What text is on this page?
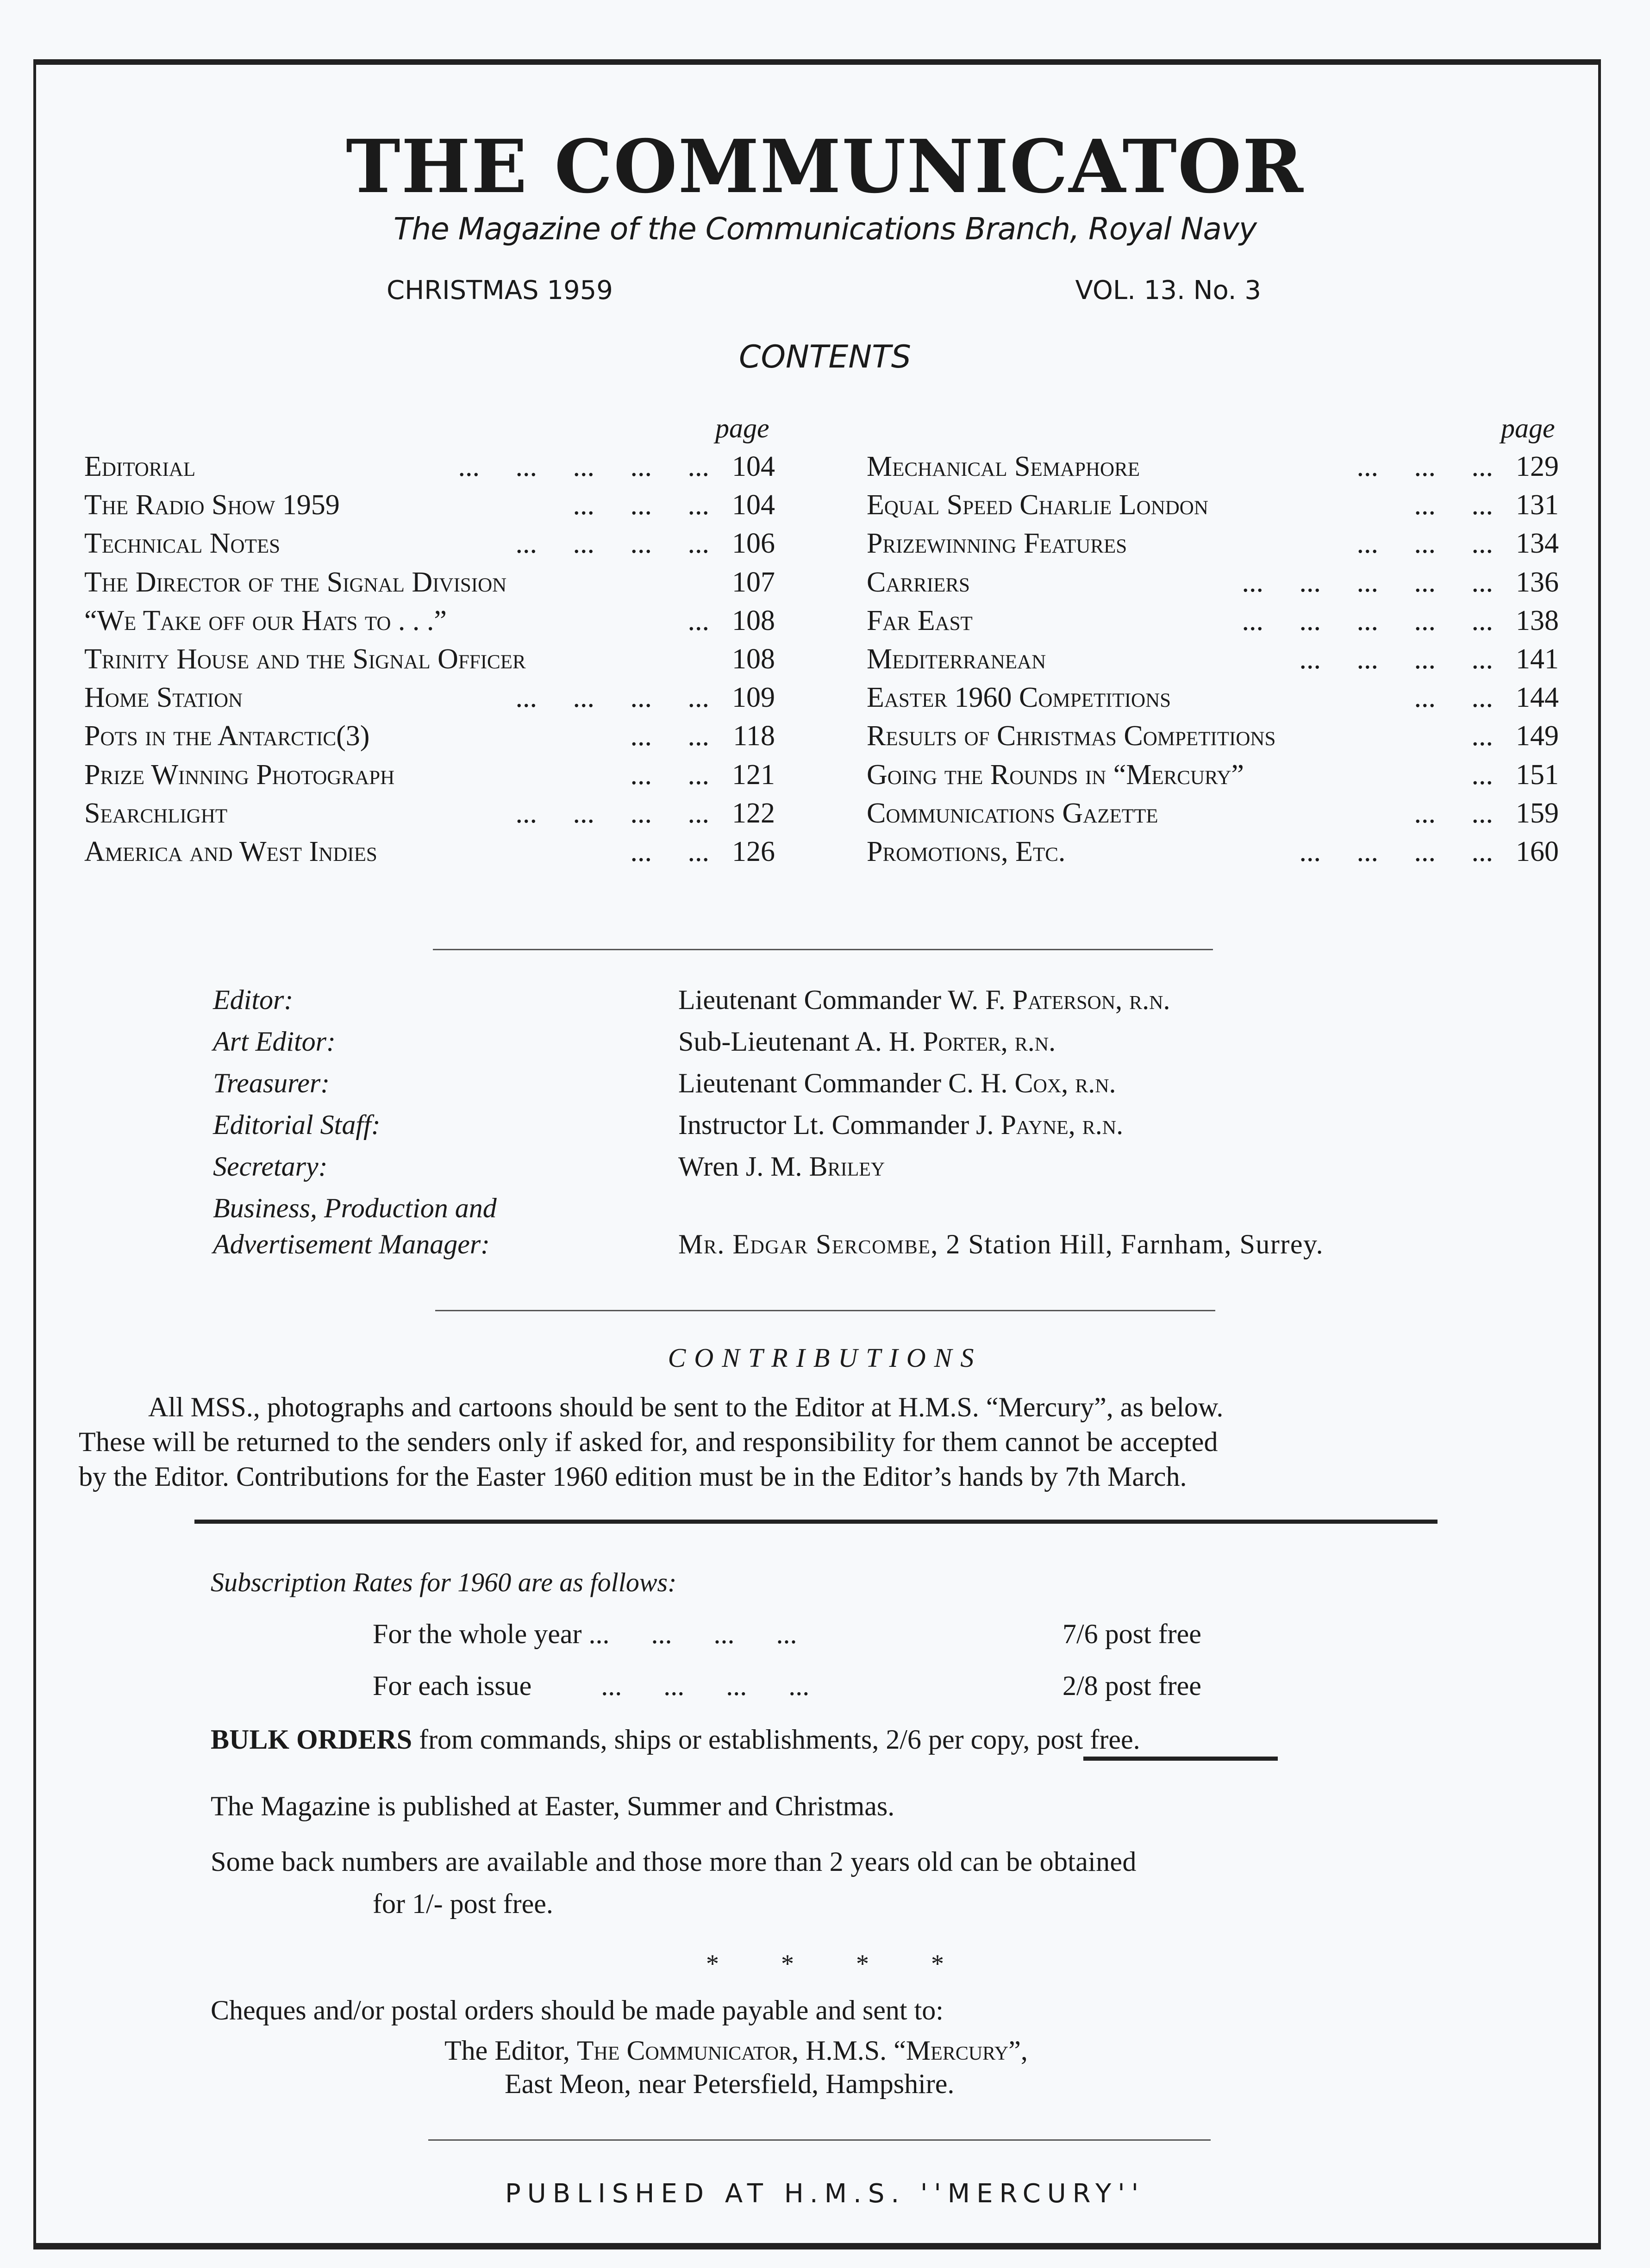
THE COMMUNICATOR
The Magazine of the Communications Branch, Royal Navy
CHRISTMAS 1959	VOL. 13. No. 3
CONTENTS
page	page
Editorial	...     ...     ...     ...     ... 104
The Radio Show 1959	...     ...     ... 104
Technical Notes	...     ...     ...     ... 106
The Director of the Signal Division	107
“We Take off our Hats to . . .”	... 108
Trinity House and the Signal Officer	108
Home Station	...     ...     ...     ... 109
Pots in the Antarctic(3)	...     ... 118
Prize Winning Photograph	...     ... 121
Searchlight	...     ...     ...     ... 122
America and West Indies	...     ... 126
Mechanical Semaphore	...     ...     ... 129
Equal Speed Charlie London	...     ... 131
Prizewinning Features	...     ...     ... 134
Carriers	...     ...     ...     ...     ... 136
Far East	...     ...     ...     ...     ... 138
Mediterranean	...     ...     ...     ... 141
Easter 1960 Competitions	...     ... 144
Results of Christmas Competitions	... 149
Going the Rounds in “Mercury”	... 151
Communications Gazette	...     ... 159
Promotions, Etc.	...     ...     ...     ... 160
Editor:	Lieutenant Commander W. F. Paterson, r.n.
Art Editor:	Sub-Lieutenant A. H. Porter, r.n.
Treasurer:	Lieutenant Commander C. H. Cox, r.n.
Editorial Staff:	Instructor Lt. Commander J. Payne, r.n.
Secretary:	Wren J. M. Briley
Business, Production and
Advertisement Manager:	Mr. Edgar Sercombe, 2 Station Hill, Farnham, Surrey.
CONTRIBUTIONS
All MSS., photographs and cartoons should be sent to the Editor at H.M.S. “Mercury”, as below.
These will be returned to the senders only if asked for, and responsibility for them cannot be accepted
by the Editor. Contributions for the Easter 1960 edition must be in the Editor’s hands by 7th March.
Subscription Rates for 1960 are as follows:
For the whole year ...      ...      ...      ...	7/6 post free
For each issue          ...      ...      ...      ...	2/8 post free
BULK ORDERS from commands, ships or establishments, 2/6 per copy, post free.
The Magazine is published at Easter, Summer and Christmas.
Some back numbers are available and those more than 2 years old can be obtained
for 1/- post free.
* * * *
Cheques and/or postal orders should be made payable and sent to:
The Editor, The Communicator, H.M.S. “Mercury”,
East Meon, near Petersfield, Hampshire.
PUBLISHED AT H.M.S. ''MERCURY''
